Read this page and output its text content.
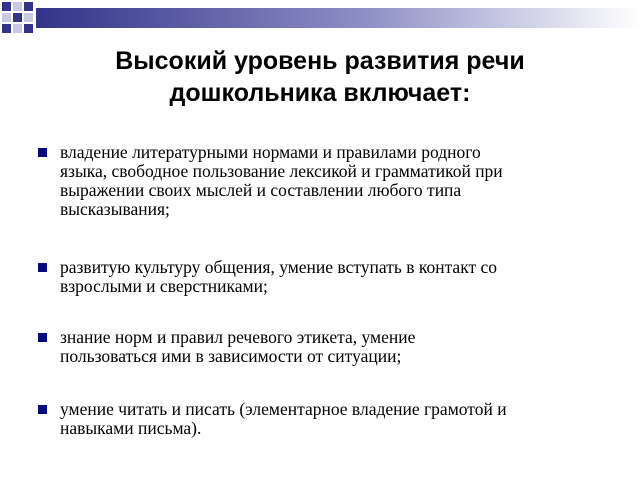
Высокий уровень развития речи
дошкольника включает:
владение литературными нормами и правилами родного
языка, свободное пользование лексикой и грамматикой при
выражении своих мыслей и составлении любого типа
высказывания;
развитую культуру общения, умение вступать в контакт со
взрослыми и сверстниками;
знание норм и правил речевого этикета, умение
пользоваться ими в зависимости от ситуации;
умение читать и писать (элементарное владение грамотой и
навыками письма).
